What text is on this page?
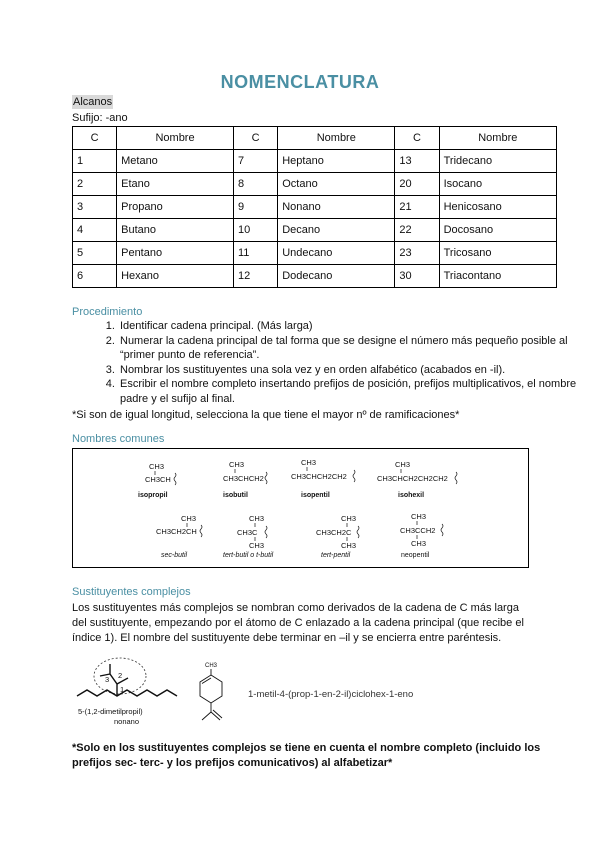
NOMENCLATURA
Alcanos
Sufijo: -ano
C	Nombre	C	Nombre	C	Nombre
1	Metano	7	Heptano	13	Tridecano
2	Etano	8	Octano	20	Isocano
3	Propano	9	Nonano	21	Henicosano
4	Butano	10	Decano	22	Docosano
5	Pentano	11	Undecano	23	Tricosano
6	Hexano	12	Dodecano	30	Triacontano
Procedimiento
1. Identificar cadena principal. (Más larga)
2. Numerar la cadena principal de tal forma que se designe el número más pequeño posible al “primer punto de referencia”.
3. Nombrar los sustituyentes una sola vez y en orden alfabético (acabados en -il).
4. Escribir el nombre completo insertando prefijos de posición, prefijos multiplicativos, el nombre padre y el sufijo al final.
*Si son de igual longitud, selecciona la que tiene el mayor nº de ramificaciones*
Nombres comunes
CH3
CH3CH
isopropil
CH3
CH3CHCH2
isobutil
CH3
CH3CHCH2CH2
isopentil
CH3
CH3CHCH2CH2CH2
isohexil
CH3
CH3CH2CH
sec-butil
CH3
CH3C
CH3
tert-butil o t-butil
CH3
CH3CH2C
CH3
tert-pentil
CH3
CH3CCH2
CH3
neopentil
Sustituyentes complejos
Los sustituyentes más complejos se nombran como derivados de la cadena de C más larga del sustituyente, empezando por el átomo de C enlazado a la cadena principal (que recibe el índice 1). El nombre del sustituyente debe terminar en –il y se encierra entre paréntesis.
3 2
1
5-(1,2-dimetilpropil)
nonano
CH3
1-metil-4-(prop-1-en-2-il)ciclohex-1-eno
*Solo en los sustituyentes complejos se tiene en cuenta el nombre completo (incluido los prefijos sec- terc- y los prefijos comunicativos) al alfabetizar*
